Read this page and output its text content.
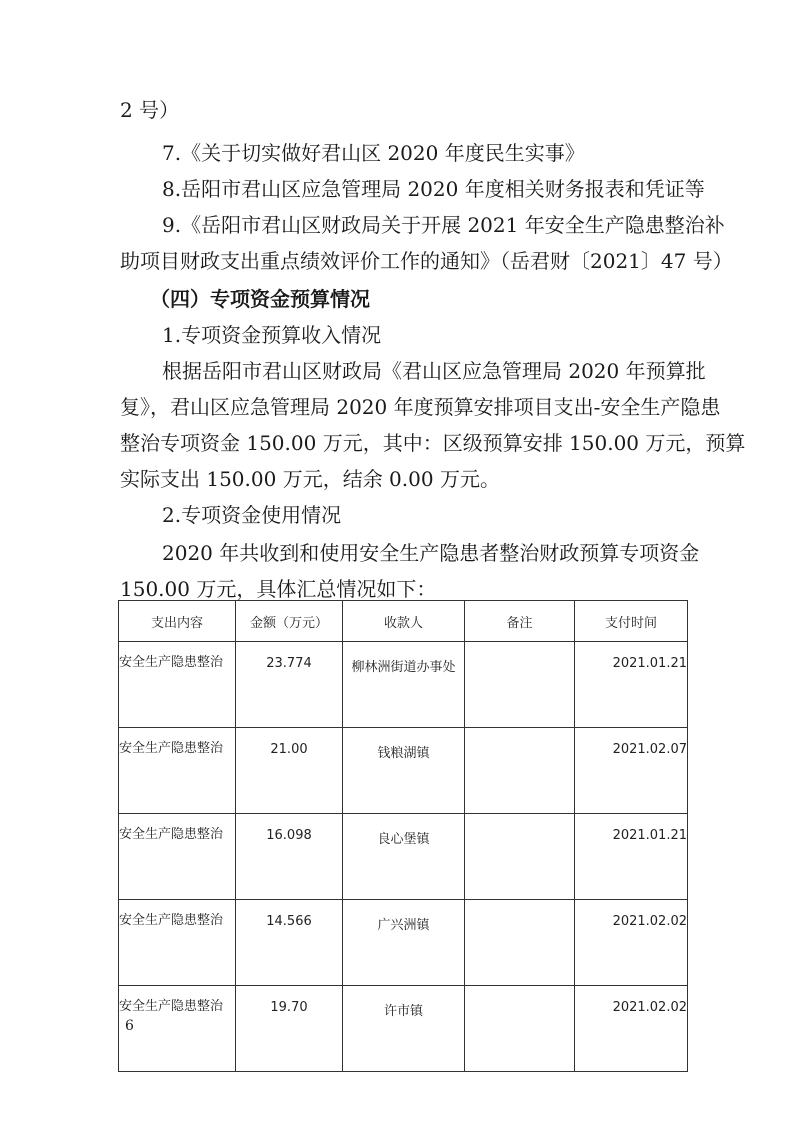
2 号）
7.《关于切实做好君山区 2020 年度民生实事》
8.岳阳市君山区应急管理局 2020 年度相关财务报表和凭证等
9.《岳阳市君山区财政局关于开展 2021 年安全生产隐患整治补
助项目财政支出重点绩效评价工作的通知》（岳君财〔2021〕47 号）
（四）专项资金预算情况
1.专项资金预算收入情况
根据岳阳市君山区财政局《君山区应急管理局 2020 年预算批
复》，君山区应急管理局 2020 年度预算安排项目支出-安全生产隐患
整治专项资金 150.00 万元，其中：区级预算安排 150.00 万元，预算
实际支出 150.00 万元，结余 0.00 万元。
2.专项资金使用情况
2020 年共收到和使用安全生产隐患者整治财政预算专项资金
150.00 万元，具体汇总情况如下：
支出内容	金额（万元）	收款人	备注	支付时间
安全生产隐患整治	23.774	柳林洲街道办事处		2021.01.21
安全生产隐患整治	21.00	钱粮湖镇		2021.02.07
安全生产隐患整治	16.098	良心堡镇		2021.01.21
安全生产隐患整治	14.566	广兴洲镇		2021.02.02
安全生产隐患整治	19.70	许市镇		2021.02.02
6
